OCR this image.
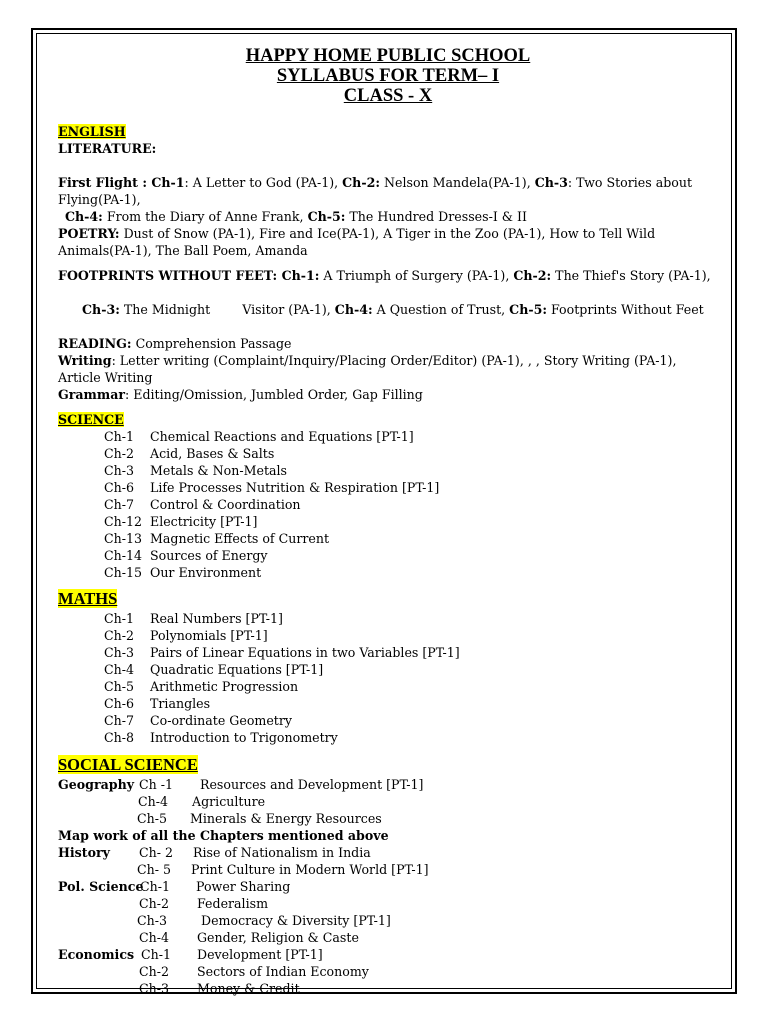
HAPPY HOME PUBLIC SCHOOL
SYLLABUS FOR TERM– I
CLASS - X
ENGLISH
LITERATURE:
First Flight : Ch-1: A Letter to God (PA-1), Ch-2: Nelson Mandela(PA-1), Ch-3: Two Stories about
Flying(PA-1),
Ch-4: From the Diary of Anne Frank, Ch-5: The Hundred Dresses-I & II
POETRY: Dust of Snow (PA-1), Fire and Ice(PA-1), A Tiger in the Zoo (PA-1), How to Tell Wild
Animals(PA-1), The Ball Poem, Amanda
FOOTPRINTS WITHOUT FEET: Ch-1: A Triumph of Surgery (PA-1), Ch-2: The Thief's Story (PA-1),

Ch-3: The Midnight        Visitor (PA-1), Ch-4: A Question of Trust, Ch-5: Footprints Without Feet

READING: Comprehension Passage
Writing: Letter writing (Complaint/Inquiry/Placing Order/Editor) (PA-1), , , Story Writing (PA-1),
Article Writing
Grammar: Editing/Omission, Jumbled Order, Gap Filling
SCIENCE
Ch-1 Chemical Reactions and Equations [PT-1]
Ch-2 Acid, Bases & Salts
Ch-3 Metals & Non-Metals
Ch-6 Life Processes Nutrition & Respiration [PT-1]
Ch-7 Control & Coordination
Ch-12 Electricity [PT-1]
Ch-13 Magnetic Effects of Current
Ch-14 Sources of Energy
Ch-15 Our Environment
MATHS
Ch-1 Real Numbers [PT-1]
Ch-2 Polynomials [PT-1]
Ch-3 Pairs of Linear Equations in two Variables [PT-1]
Ch-4 Quadratic Equations [PT-1]
Ch-5 Arithmetic Progression
Ch-6 Triangles
Ch-7 Co-ordinate Geometry
Ch-8 Introduction to Trigonometry
SOCIAL SCIENCE
Geography Ch -1 Resources and Development [PT-1]
Ch-4 Agriculture
Ch-5 Minerals & Energy Resources
Map work of all the Chapters mentioned above
History Ch- 2 Rise of Nationalism in India
Ch- 5 Print Culture in Modern World [PT-1]
Pol. Science
Ch-1 Power Sharing
Ch-2 Federalism
Ch-3	Democracy & Diversity [PT-1]
Ch-4 Gender, Religion & Caste
Economics Ch-1 Development [PT-1]
Ch-2 Sectors of Indian Economy
Ch-3 Money & Credit
